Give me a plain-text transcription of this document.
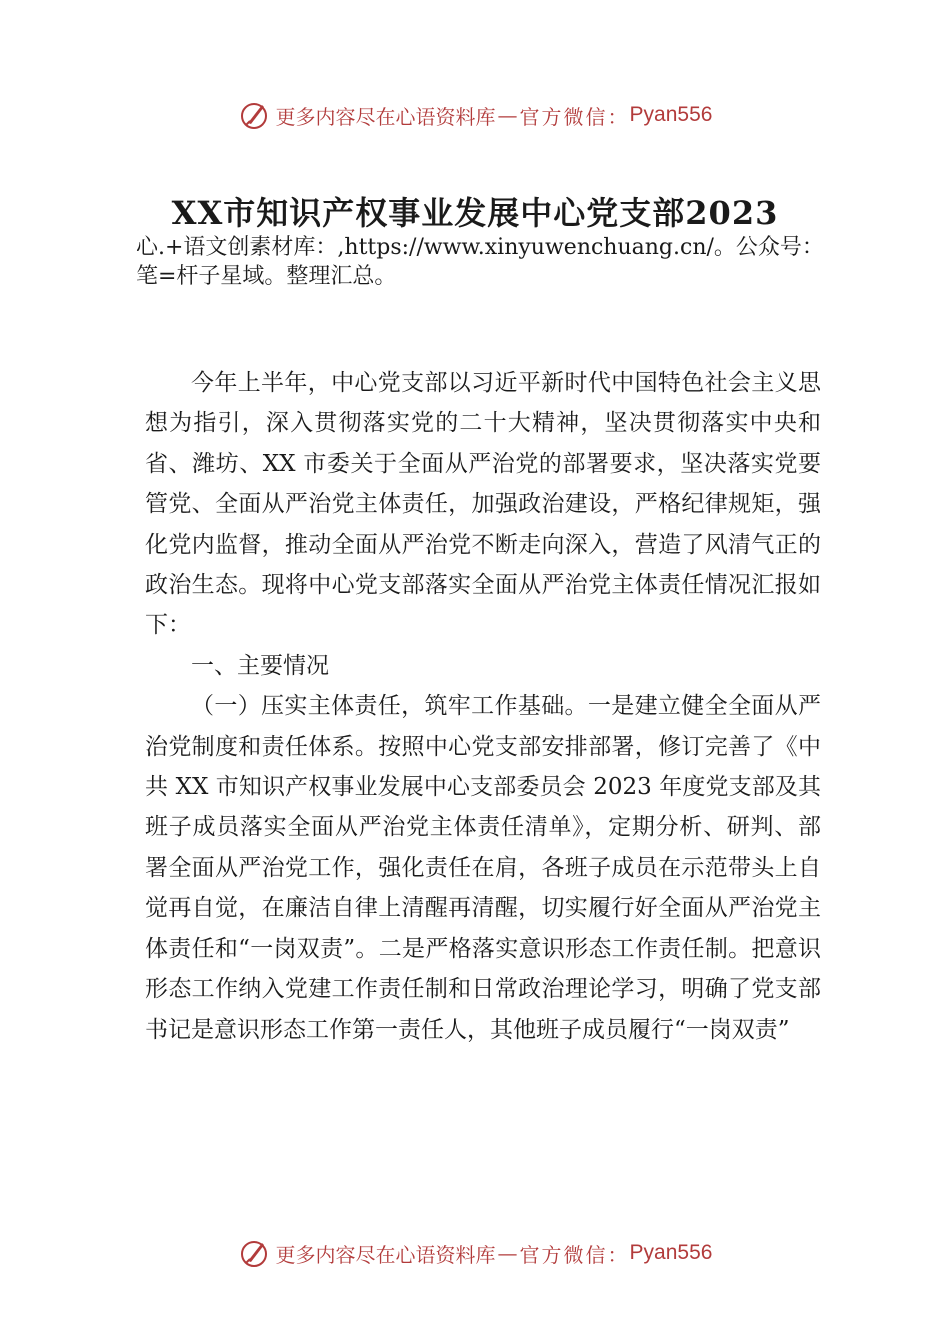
更多内容尽在心语资料库 — 官方微信： Pyan556
XX市知识产权事业发展中心党支部2023

心.+语文创素材库：,https://www.xinyuwenchuang.cn/。公众号：笔=杆子星域。整理汇总。

今年上半年，中心党支部以习近平新时代中国特色社会主义思想为指引，深入贯彻落实党的二十大精神，坚决贯彻落实中央和省、潍坊、XX 市委关于全面从严治党的部署要求，坚决落实党要管党、全面从严治党主体责任，加强政治建设，严格纪律规矩，强化党内监督，推动全面从严治党不断走向深入，营造了风清气正的政治生态。现将中心党支部落实全面从严治党主体责任情况汇报如下：

一、主要情况

（一）压实主体责任，筑牢工作基础。一是建立健全全面从严治党制度和责任体系。按照中心党支部安排部署，修订完善了《中共 XX 市知识产权事业发展中心支部委员会 2023 年度党支部及其班子成员落实全面从严治党主体责任清单》，定期分析、研判、部署全面从严治党工作，强化责任在肩，各班子成员在示范带头上自觉再自觉，在廉洁自律上清醒再清醒，切实履行好全面从严治党主体责任和“一岗双责”。二是严格落实意识形态工作责任制。把意识形态工作纳入党建工作责任制和日常政治理论学习，明确了党支部书记是意识形态工作第一责任人，其他班子成员履行“一岗双责”

更多内容尽在心语资料库 — 官方微信： Pyan556
